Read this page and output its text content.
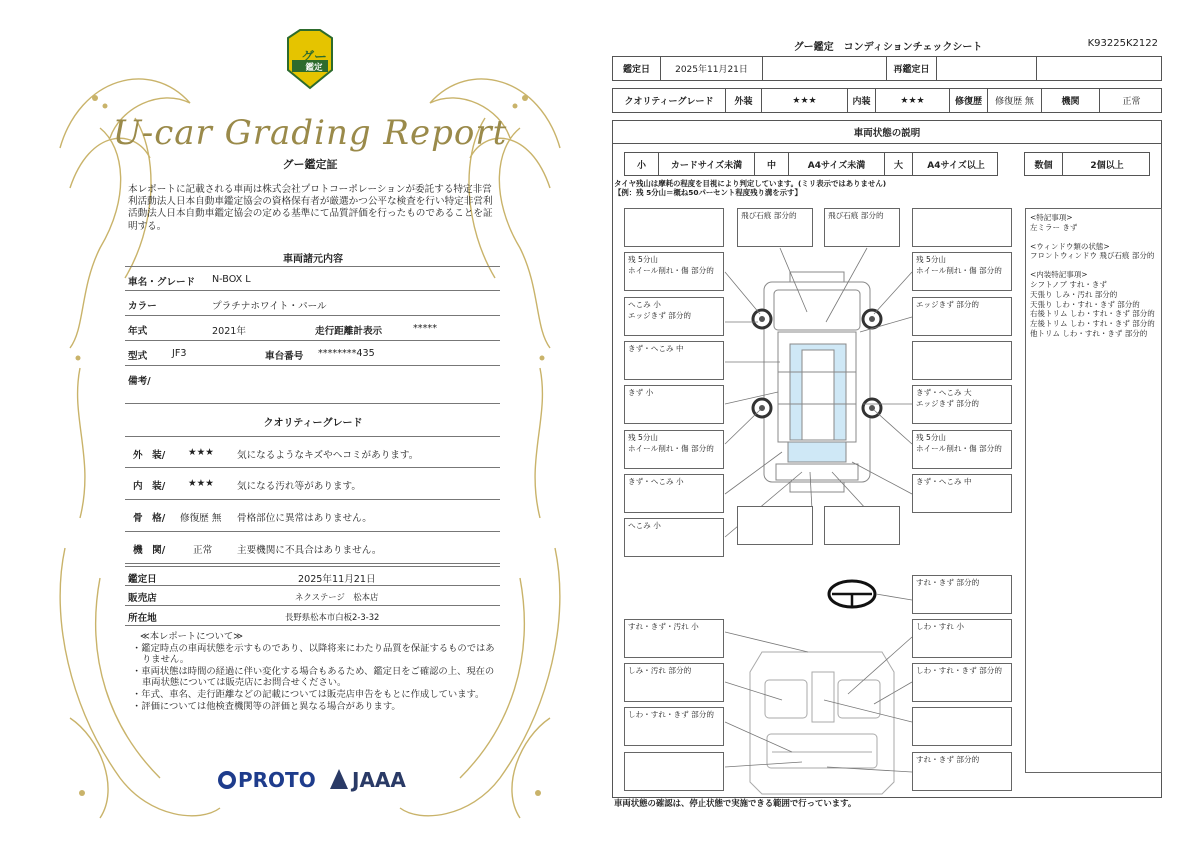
グー
鑑定
U-car Grading Report
グー鑑定証
本レポートに記載される車両は株式会社プロトコーポレーションが委託する特定非営利活動法人日本自動車鑑定協会の資格保有者が厳選かつ公平な検査を行い特定非営利活動法人日本自動車鑑定協会の定める基準にて品質評価を行ったものであることを証明する。
車両諸元内容
車名・グレード N-BOX L
カラー	プラチナホワイト・パール
年式	2021年	走行距離計表示	*****
型式	JF3	車台番号 ********435
備考/
クオリティーグレード
外　装/ ★★★ 気になるようなキズやヘコミがあります。
内　装/ ★★★ 気になる汚れ等があります。
骨　格/ 修復歴 無 骨格部位に異常はありません。
機　関/	正常	主要機関に不具合はありません。
鑑定日	2025年11月21日
販売店	ネクステージ　松本店
所在地	長野県松本市白板2-3-32
≪本レポートについて≫
・鑑定時点の車両状態を示すものであり、以降将来にわたり品質を保証するものではありません。
・車両状態は時間の経過に伴い変化する場合もあるため、鑑定日をご確認の上、現在の車両状態については販売店にお問合せください。
・年式、車名、走行距離などの記載については販売店申告をもとに作成しています。
・評価については他検査機関等の評価と異なる場合があります。
PROTO	JAAA
グー鑑定　コンディションチェックシート	K93225K2122
鑑定日	2025年11月21日	再鑑定日
クオリティーグレード	外装	★★★	内装	★★★	修復歴	修復歴 無	機関	正常
車両状態の説明
小	カードサイズ未満	中	A4サイズ未満	大	A4サイズ以上	数個	2個以上
タイヤ残山は摩耗の程度を目視により判定しています。(ミリ表示ではありません)
【例：残 5分山＝概ね50パーセント程度残り溝を示す】
飛び石痕 部分的	飛び石痕 部分的
残 5分山
ホイール削れ・傷 部分的
へこみ 小
エッジきず 部分的
きず・へこみ 中
きず 小
残 5分山
ホイール削れ・傷 部分的
きず・へこみ 小
へこみ 小
残 5分山
ホイール削れ・傷 部分的
エッジきず 部分的
きず・へこみ 大
エッジきず 部分的
残 5分山
ホイール削れ・傷 部分的
きず・へこみ 中
<特記事項>
左ミラー きず
<ウィンドウ類の状態>
フロントウィンドウ 飛び石痕 部分的
<内装特記事項>
シフトノブ すれ・きず
天張り しみ・汚れ 部分的
天張り しわ・すれ・きず 部分的
右後トリム しわ・すれ・きず 部分的
左後トリム しわ・すれ・きず 部分的
他トリム しわ・すれ・きず 部分的
すれ・きず 部分的
すれ・きず・汚れ 小
しみ・汚れ 部分的
しわ・すれ・きず 部分的
しわ・すれ 小
しわ・すれ・きず 部分的
すれ・きず 部分的
車両状態の確認は、停止状態で実施できる範囲で行っています。
